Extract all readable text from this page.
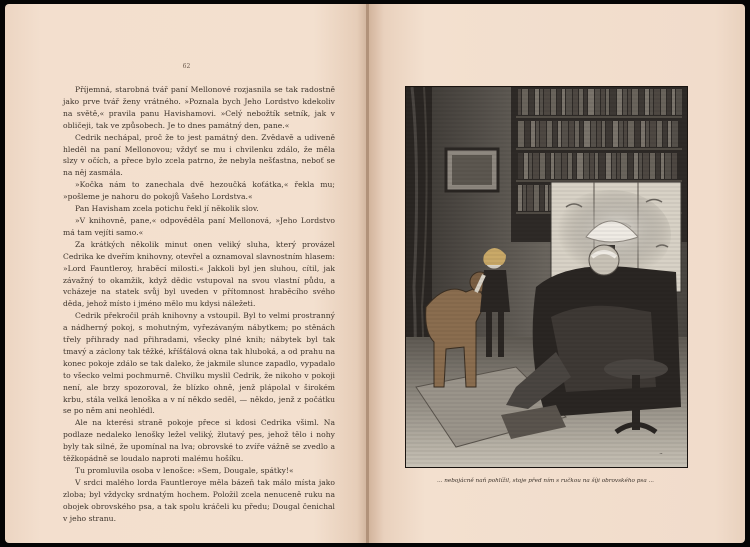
62

Příjemná, starobná tvář paní Mellonové rozjasnila se tak radostně jako prve tvář ženy vrátného. »Poznala bych Jeho Lordstvo kdekoliv na světě,« pravila panu Havishamovi. »Celý nebožtík setník, jak v obličeji, tak ve způsobech. Je to dnes památný den, pane.«

Cedrik nechápal, proč že to jest památný den. Zvědavě a udiveně hleděl na paní Mellonovou; vždyť se mu i chvilenku zdálo, že měla slzy v očích, a přece bylo zcela patrno, že nebyla nešťastna, neboť se na něj zasmála.

»Kočka nám to zanechala dvě hezoučká koťátka,« řekla mu; »pošleme je nahoru do pokojů Vašeho Lordstva.«

Pan Havisham zcela potichu řekl jí několik slov.

»V knihovně, pane,« odpověděla paní Mellonová, »Jeho Lordstvo má tam vejíti samo.«

Za krátkých několik minut onen veliký sluha, který provázel Cedrika ke dveřím knihovny, otevřel a oznamoval slavnostním hlasem: »Lord Fauntleroy, hraběcí milosti.« Jakkoli byl jen sluhou, cítil, jak závažný to okamžik, když dědic vstupoval na svou vlastní půdu, a vcházeje na statek svůj byl uveden v přítomnost hraběcího svého děda, jehož místo i jméno mělo mu kdysi náležeti.

Cedrik překročil práh knihovny a vstoupil. Byl to velmi prostranný a nádherný pokoj, s mohutným, vyřezávaným nábytkem; po stěnách třely přihrady nad přihradami, všecky plné knih; nábytek byl tak tmavý a záclony tak těžké, kříšťálová okna tak hluboká, a od prahu na konec pokoje zdálo se tak daleko, že jakmile slunce zapadlo, vypadalo to všecko velmi pochmurně. Chvilku myslil Cedrik, že nikoho v pokoji není, ale brzy spozoroval, že blízko ohně, jenž plápolal v širokém krbu, stála velká lenoška a v ní někdo seděl, — někdo, jenž z počátku se po něm ani neohlédl.

Ale na kterési straně pokoje přece si kdosi Cedrika všiml. Na podlaze nedaleko lenošky ležel veliký, žlutavý pes, jehož tělo i nohy byly tak silné, že upomínal na lva; obrovské to zvíře vážně se zvedlo a těžkopádně se loudalo naproti malému hošíku.

Tu promluvila osoba v lenošce: »Sem, Dougale, spátky!«

V srdci malého lorda Fauntleroye měla bázeň tak málo místa jako zloba; byl vždycky srdnatým hochem. Položil zcela nenuceně ruku na obojek obrovského psa, a tak spolu kráčeli ku předu; Dougal čenichal v jeho stranu.

~
... nebojácně naň pohlížil, stoje před ním s ručkou na šíji obrovského psa ...
